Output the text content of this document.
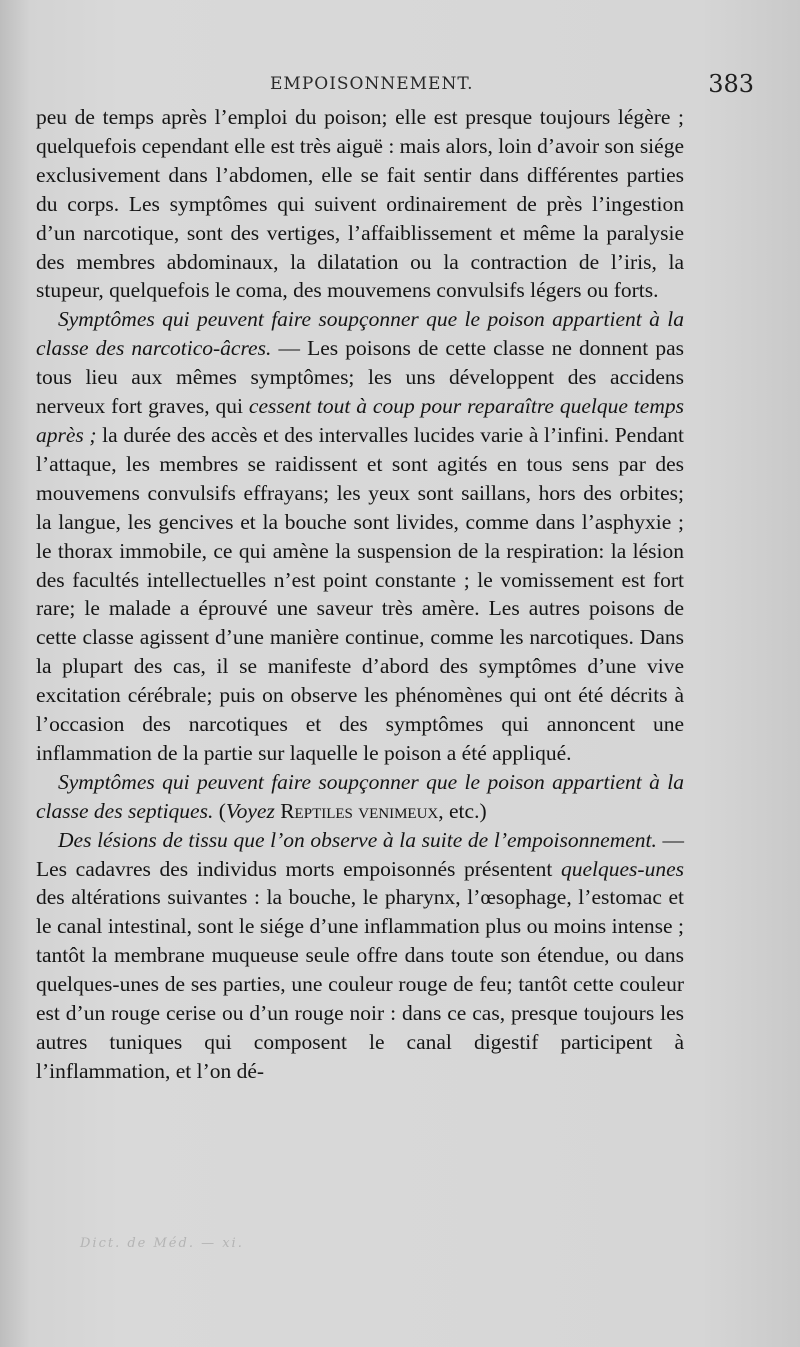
EMPOISONNEMENT.	383

peu de temps après l’emploi du poison; elle est presque toujours légère ; quelquefois cependant elle est très aiguë : mais alors, loin d’avoir son siége exclusivement dans l’abdomen, elle se fait sentir dans différentes parties du corps. Les symptômes qui suivent ordinairement de près l’ingestion d’un narcotique, sont des vertiges, l’affaiblissement et même la paralysie des membres abdominaux, la dilatation ou la contraction de l’iris, la stupeur, quelquefois le coma, des mouvemens convulsifs légers ou forts.

Symptômes qui peuvent faire soupçonner que le poison appartient à la classe des narcotico-âcres. — Les poisons de cette classe ne donnent pas tous lieu aux mêmes symptômes; les uns développent des accidens nerveux fort graves, qui cessent tout à coup pour reparaître quelque temps après ; la durée des accès et des intervalles lucides varie à l’infini. Pendant l’attaque, les membres se raidissent et sont agités en tous sens par des mouvemens convulsifs effrayans; les yeux sont saillans, hors des orbites; la langue, les gencives et la bouche sont livides, comme dans l’asphyxie ; le thorax immobile, ce qui amène la suspension de la respiration: la lésion des facultés intellectuelles n’est point constante ; le vomissement est fort rare; le malade a éprouvé une saveur très amère. Les autres poisons de cette classe agissent d’une manière continue, comme les narcotiques. Dans la plupart des cas, il se manifeste d’abord des symptômes d’une vive excitation cérébrale; puis on observe les phénomènes qui ont été décrits à l’occasion des narcotiques et des symptômes qui annoncent une inflammation de la partie sur laquelle le poison a été appliqué.

Symptômes qui peuvent faire soupçonner que le poison appartient à la classe des septiques. (Voyez Reptiles venimeux, etc.)

Des lésions de tissu que l’on observe à la suite de l’empoisonnement. — Les cadavres des individus morts empoisonnés présentent quelques-unes des altérations suivantes : la bouche, le pharynx, l’œsophage, l’estomac et le canal intestinal, sont le siége d’une inflammation plus ou moins intense ; tantôt la membrane muqueuse seule offre dans toute son étendue, ou dans quelques-unes de ses parties, une couleur rouge de feu; tantôt cette couleur est d’un rouge cerise ou d’un rouge noir : dans ce cas, presque toujours les autres tuniques qui composent le canal digestif participent à l’inflammation, et l’on dé-

Dict. de Méd. — xi.
